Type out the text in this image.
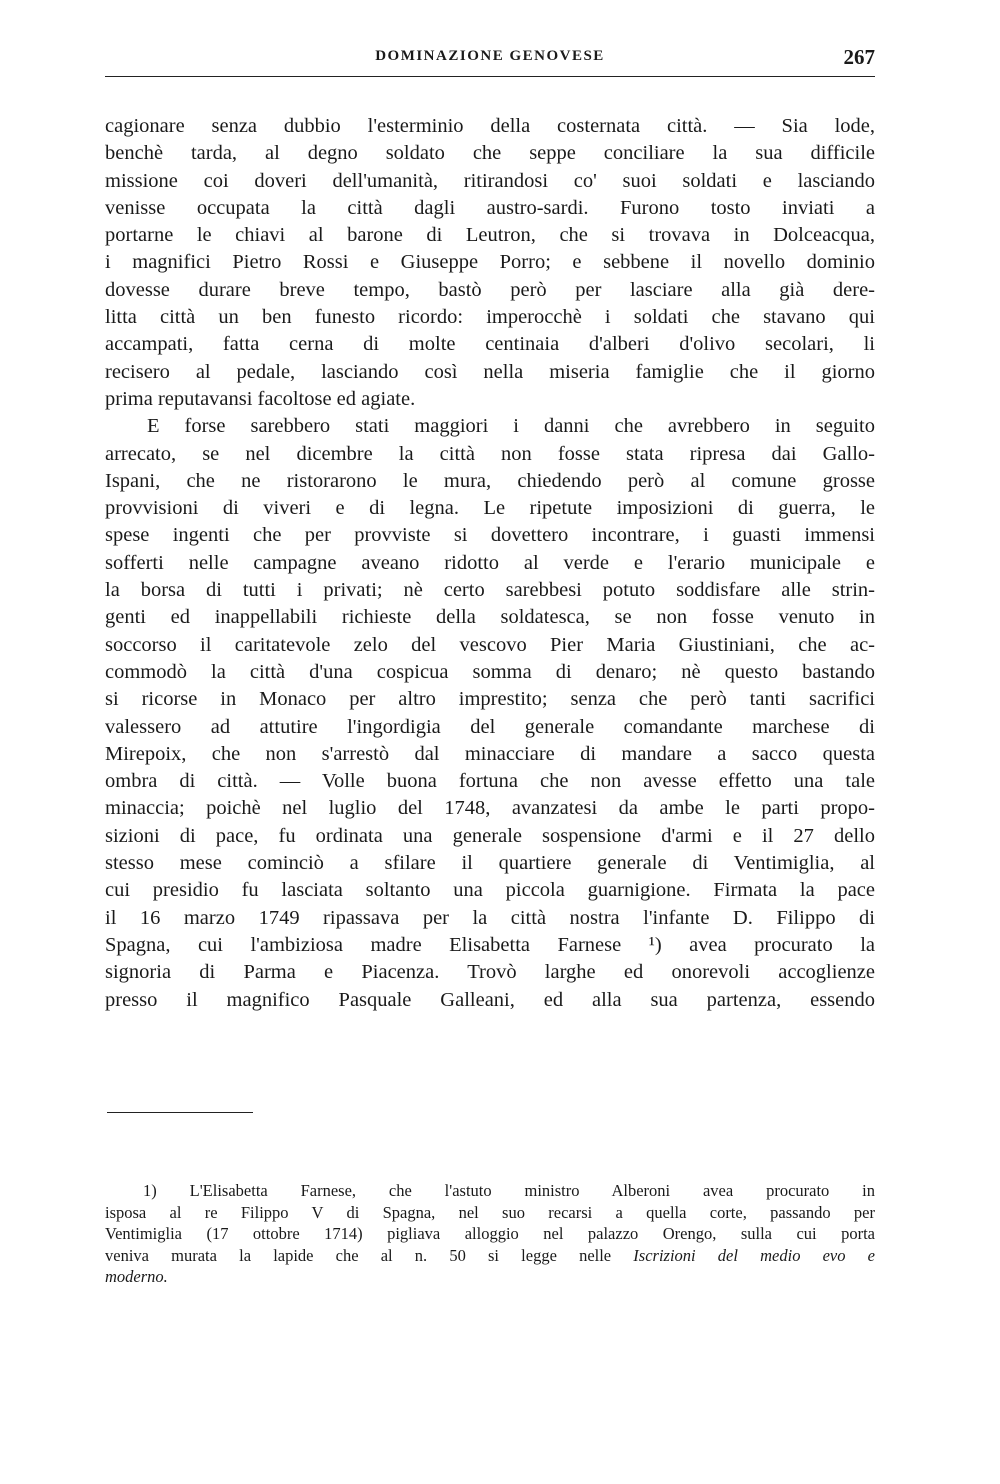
DOMINAZIONE GENOVESE	267
cagionare senza dubbio l'esterminio della costernata città. — Sia lode,
benchè tarda, al degno soldato che seppe conciliare la sua difficile
missione coi doveri dell'umanità, ritirandosi co' suoi soldati e lasciando
venisse occupata la città dagli austro-sardi. Furono tosto inviati a
portarne le chiavi al barone di Leutron, che si trovava in Dolceacqua,
i magnifici Pietro Rossi e Giuseppe Porro; e sebbene il novello dominio
dovesse durare breve tempo, bastò però per lasciare alla già dere-
litta città un ben funesto ricordo: imperocchè i soldati che stavano qui
accampati, fatta cerna di molte centinaia d'alberi d'olivo secolari, li
recisero al pedale, lasciando così nella miseria famiglie che il giorno
prima reputavansi facoltose ed agiate.
E forse sarebbero stati maggiori i danni che avrebbero in seguito
arrecato, se nel dicembre la città non fosse stata ripresa dai Gallo-
Ispani, che ne ristorarono le mura, chiedendo però al comune grosse
provvisioni di viveri e di legna. Le ripetute imposizioni di guerra, le
spese ingenti che per provviste si dovettero incontrare, i guasti immensi
sofferti nelle campagne aveano ridotto al verde e l'erario municipale e
la borsa di tutti i privati; nè certo sarebbesi potuto soddisfare alle strin-
genti ed inappellabili richieste della soldatesca, se non fosse venuto in
soccorso il caritatevole zelo del vescovo Pier Maria Giustiniani, che ac-
commodò la città d'una cospicua somma di denaro; nè questo bastando
si ricorse in Monaco per altro imprestito; senza che però tanti sacrifici
valessero ad attutire l'ingordigia del generale comandante marchese di
Mirepoix, che non s'arrestò dal minacciare di mandare a sacco questa
ombra di città. — Volle buona fortuna che non avesse effetto una tale
minaccia; poichè nel luglio del 1748, avanzatesi da ambe le parti propo-
sizioni di pace, fu ordinata una generale sospensione d'armi e il 27 dello
stesso mese cominciò a sfilare il quartiere generale di Ventimiglia, al
cui presidio fu lasciata soltanto una piccola guarnigione. Firmata la pace
il 16 marzo 1749 ripassava per la città nostra l'infante D. Filippo di
Spagna, cui l'ambiziosa madre Elisabetta Farnese ¹) avea procurato la
signoria di Parma e Piacenza. Trovò larghe ed onorevoli accoglienze
presso il magnifico Pasquale Galleani, ed alla sua partenza, essendo
1) L'Elisabetta Farnese, che l'astuto ministro Alberoni avea procurato in
isposa al re Filippo V di Spagna, nel suo recarsi a quella corte, passando per
Ventimiglia (17 ottobre 1714) pigliava alloggio nel palazzo Orengo, sulla cui porta
veniva murata la lapide che al n. 50 si legge nelle Iscrizioni del medio evo e
moderno.
